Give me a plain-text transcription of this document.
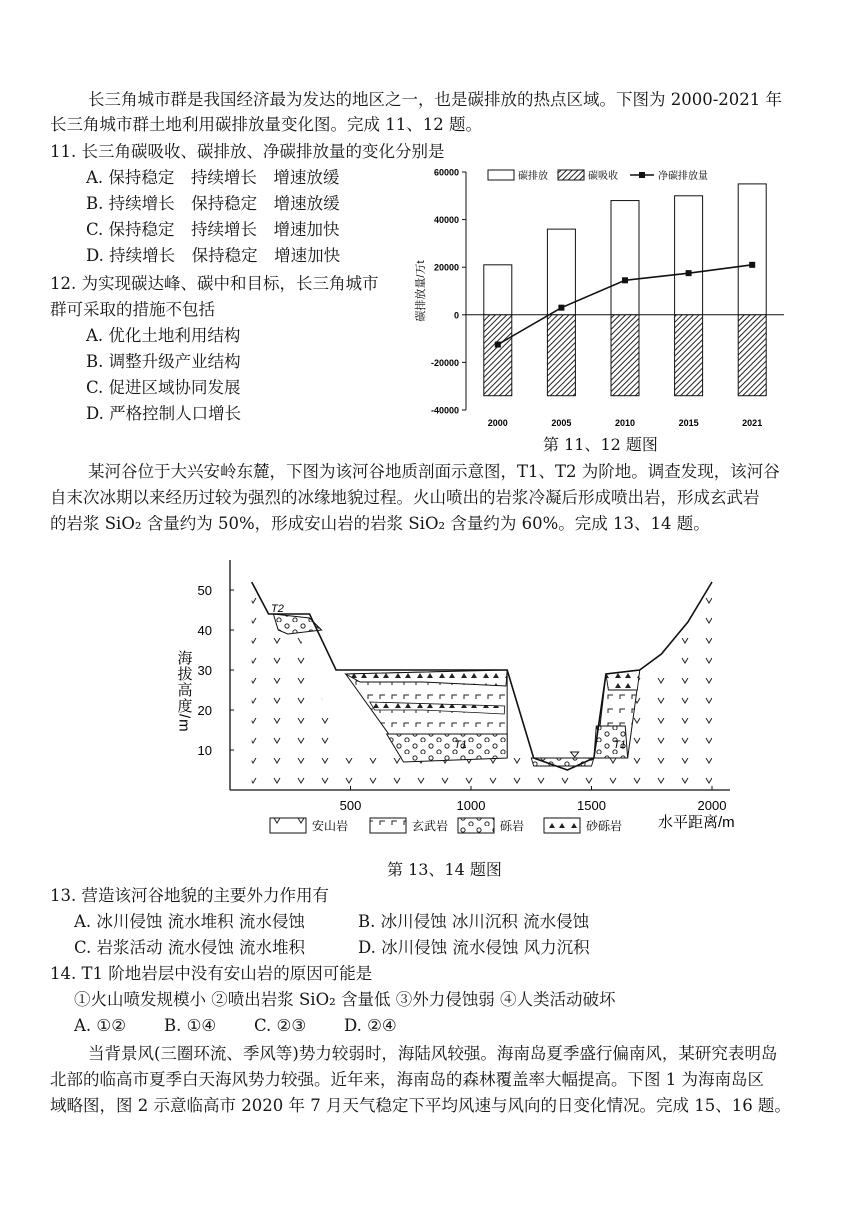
长三角城市群是我国经济最为发达的地区之一，也是碳排放的热点区域。下图为 2000-2021 年
长三角城市群土地利用碳排放量变化图。完成 11、12 题。
11. 长三角碳吸收、碳排放、净碳排放量的变化分别是
A. 保持稳定　持续增长　增速放缓
B. 持续增长　保持稳定　增速放缓
C. 保持稳定　持续增长　增速加快
D. 持续增长　保持稳定　增速加快
12. 为实现碳达峰、碳中和目标，长三角城市
群可采取的措施不包括
A. 优化土地利用结构
B. 调整升级产业结构
C. 促进区域协同发展
D. 严格控制人口增长
60000
40000
20000
0
-20000
-40000
碳排放量/万t
2000	2005	2010	2015	2021
碳排放	碳吸收	净碳排放量
第 11、12 题图
某河谷位于大兴安岭东麓，下图为该河谷地质剖面示意图，T1、T2 为阶地。调查发现，该河谷
自末次冰期以来经历过较为强烈的冰缘地貌过程。火山喷出的岩浆冷凝后形成喷出岩，形成玄武岩
的岩浆 SiO₂ 含量约为 50%，形成安山岩的岩浆 SiO₂ 含量约为 60%。完成 13、14 题。
50
40
30
20
10
500	1000	1500	2000
海拔高度/m
水平距离/m
T2
T1	T1
安山岩	玄武岩	砾岩	砂砾岩
第 13、14 题图
13. 营造该河谷地貌的主要外力作用有
A. 冰川侵蚀 流水堆积 流水侵蚀	B. 冰川侵蚀 冰川沉积 流水侵蚀
C. 岩浆活动 流水侵蚀 流水堆积	D. 冰川侵蚀 流水侵蚀 风力沉积
14. T1 阶地岩层中没有安山岩的原因可能是
①火山喷发规模小 ②喷出岩浆 SiO₂ 含量低 ③外力侵蚀弱 ④人类活动破坏
A. ①② B. ①④ C. ②③ D. ②④
当背景风(三圈环流、季风等)势力较弱时，海陆风较强。海南岛夏季盛行偏南风，某研究表明岛
北部的临高市夏季白天海风势力较强。近年来，海南岛的森林覆盖率大幅提高。下图 1 为海南岛区
域略图，图 2 示意临高市 2020 年 7 月天气稳定下平均风速与风向的日变化情况。完成 15、16 题。
